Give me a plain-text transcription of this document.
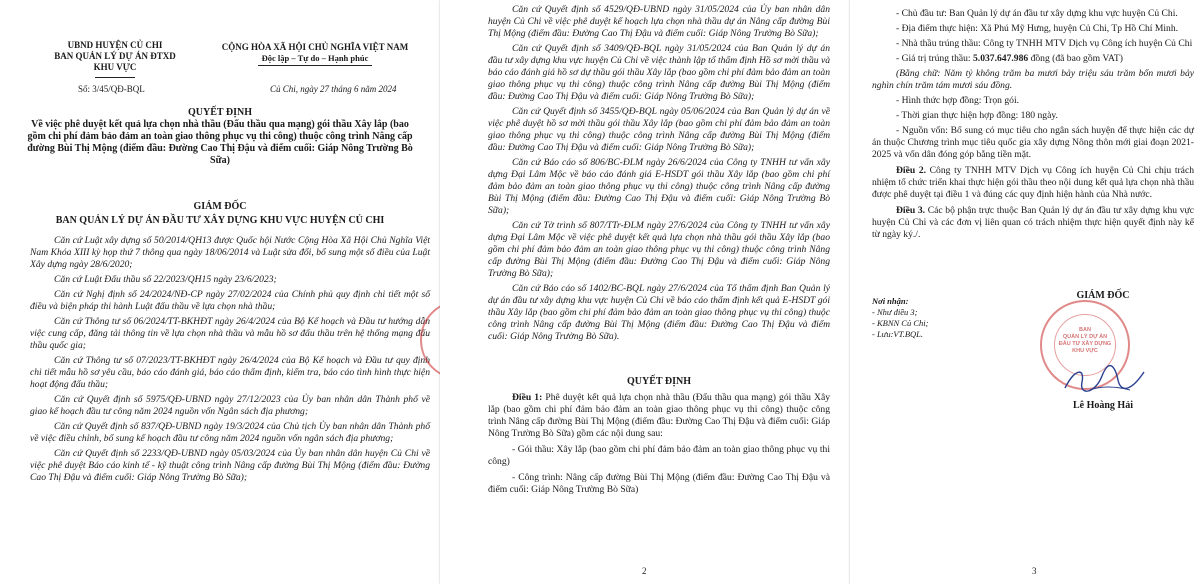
UBND HUYỆN CỦ CHI
BAN QUẢN LÝ DỰ ÁN ĐTXD
KHU VỰC
CỘNG HÒA XÃ HỘI CHỦ NGHĨA VIỆT NAM
Độc lập – Tự do – Hạnh phúc
Số: 3/45/QĐ-BQL	Củ Chi, ngày 27 tháng 6 năm 2024
QUYẾT ĐỊNH
Về việc phê duyệt kết quả lựa chọn nhà thầu (Đấu thầu qua mạng) gói thầu Xây lắp (bao gồm chi phí đảm bảo đảm an toàn giao thông phục vụ thi công) thuộc công trình Nâng cấp đường Bùi Thị Mộng (điểm đầu: Đường Cao Thị Đậu và điểm cuối: Giáp Nông Trường Bò Sữa)
GIÁM ĐỐC
BAN QUẢN LÝ DỰ ÁN ĐẦU TƯ XÂY DỰNG KHU VỰC HUYỆN CỦ CHI

Căn cứ Luật xây dựng số 50/2014/QH13 được Quốc hội Nước Cộng Hòa Xã Hội Chủ Nghĩa Việt Nam Khóa XIII kỳ họp thứ 7 thông qua ngày 18/06/2014 và Luật sửa đổi, bổ sung một số điều của Luật Xây dựng ngày 28/6/2020;

Căn cứ Luật Đấu thầu số 22/2023/QH15 ngày 23/6/2023;

Căn cứ Nghị định số 24/2024/NĐ-CP ngày 27/02/2024 của Chính phủ quy định chi tiết một số điều và biện pháp thi hành Luật đấu thầu về lựa chọn nhà thầu;

Căn cứ Thông tư số 06/2024/TT-BKHĐT ngày 26/4/2024 của Bộ Kế hoạch và Đầu tư hướng dẫn việc cung cấp, đăng tải thông tin về lựa chọn nhà thầu và mẫu hồ sơ đấu thầu trên hệ thống mạng đấu thầu quốc gia;

Căn cứ Thông tư số 07/2023/TT-BKHĐT ngày 26/4/2024 của Bộ Kế hoạch và Đầu tư quy định chi tiết mẫu hồ sơ yêu cầu, báo cáo đánh giá, báo cáo thẩm định, kiểm tra, báo cáo tình hình thực hiện hoạt động đấu thầu;

Căn cứ Quyết định số 5975/QĐ-UBND ngày 27/12/2023 của Ủy ban nhân dân Thành phố về giao kế hoạch đầu tư công năm 2024 nguồn vốn Ngân sách địa phương;

Căn cứ Quyết định số 837/QĐ-UBND ngày 19/3/2024 của Chủ tịch Ủy ban nhân dân Thành phố về việc điều chỉnh, bổ sung kế hoạch đầu tư công năm 2024 nguồn vốn ngân sách địa phương;

Căn cứ Quyết định số 2233/QĐ-UBND ngày 05/03/2024 của Ủy ban nhân dân huyện Củ Chi về việc phê duyệt Báo cáo kinh tế - kỹ thuật công trình Nâng cấp đường Bùi Thị Mộng (điểm đầu: Đường Cao Thị Đậu và điểm cuối: Giáp Nông Trường Bò Sữa);

Căn cứ Quyết định số 4529/QĐ-UBND ngày 31/05/2024 của Ủy ban nhân dân huyện Củ Chi về việc phê duyệt kế hoạch lựa chọn nhà thầu dự án Nâng cấp đường Bùi Thị Mộng (điểm đầu: Đường Cao Thị Đậu và điểm cuối: Giáp Nông Trường Bò Sữa);

Căn cứ Quyết định số 3409/QĐ-BQL ngày 31/05/2024 của Ban Quản lý dự án đầu tư xây dựng khu vực huyện Củ Chi về việc thành lập tổ thẩm định Hồ sơ mời thầu và báo cáo đánh giá hồ sơ dự thầu gói thầu Xây lắp (bao gồm chi phí đảm bảo đảm an toàn giao thông phục vụ thi công) thuộc công trình Nâng cấp đường Bùi Thị Mộng (điểm đầu: Đường Cao Thị Đậu và điểm cuối: Giáp Nông Trường Bò Sữa);

Căn cứ Quyết định số 3455/QĐ-BQL ngày 05/06/2024 của Ban Quản lý dự án về việc phê duyệt hồ sơ mời thầu gói thầu Xây lắp (bao gồm chi phí đảm bảo đảm an toàn giao thông phục vụ thi công) thuộc công trình Nâng cấp đường Bùi Thị Mộng (điểm đầu: Đường Cao Thị Đậu và điểm cuối: Giáp Nông Trường Bò Sữa);

Căn cứ Báo cáo số 806/BC-ĐLM ngày 26/6/2024 của Công ty TNHH tư vấn xây dựng Đại Lâm Mộc về báo cáo đánh giá E-HSDT gói thầu Xây lắp (bao gồm chi phí đảm bảo đảm an toàn giao thông phục vụ thi công) thuộc công trình Nâng cấp đường Bùi Thị Mộng (điểm đầu: Đường Cao Thị Đậu và điểm cuối: Giáp Nông Trường Bò Sữa);

Căn cứ Tờ trình số 807/TTr-ĐLM ngày 27/6/2024 của Công ty TNHH tư vấn xây dựng Đại Lâm Mộc về việc phê duyệt kết quả lựa chọn nhà thầu gói thầu Xây lắp (bao gồm chi phí đảm bảo đảm an toàn giao thông phục vụ thi công) thuộc công trình Nâng cấp đường Bùi Thị Mộng (điểm đầu: Đường Cao Thị Đậu và điểm cuối: Giáp Nông Trường Bò Sữa);

Căn cứ Báo cáo số 1402/BC-BQL ngày 27/6/2024 của Tổ thẩm định Ban Quản lý dự án đầu tư xây dựng khu vực huyện Củ Chi về báo cáo thẩm định kết quả E-HSDT gói thầu Xây lắp (bao gồm chi phí đảm bảo đảm an toàn giao thông phục vụ thi công) thuộc công trình Nâng cấp đường Bùi Thị Mộng (điểm đầu: Đường Cao Thị Đậu và điểm cuối: Giáp Nông Trường Bò Sữa).

QUYẾT ĐỊNH

Điều 1: Phê duyệt kết quả lựa chọn nhà thầu (Đấu thầu qua mạng) gói thầu Xây lắp (bao gồm chi phí đảm bảo đảm an toàn giao thông phục vụ thi công) thuộc công trình Nâng cấp đường Bùi Thị Mộng (điểm đầu: Đường Cao Thị Đậu và điểm cuối: Giáp Nông Trường Bò Sữa) gồm các nội dung sau:

- Gói thầu: Xây lắp (bao gồm chi phí đảm bảo đảm an toàn giao thông phục vụ thi công)

- Công trình: Nâng cấp đường Bùi Thị Mộng (điểm đầu: Đường Cao Thị Đậu và điểm cuối: Giáp Nông Trường Bò Sữa)

2

- Chủ đầu tư: Ban Quản lý dự án đầu tư xây dựng khu vực huyện Củ Chi.

- Địa điểm thực hiện: Xã Phú Mỹ Hưng, huyện Củ Chi, Tp Hồ Chí Minh.

- Nhà thầu trúng thầu: Công ty TNHH MTV Dịch vụ Công ích huyện Củ Chi

- Giá trị trúng thầu: 5.037.647.986 đồng (đã bao gồm VAT)

(Bằng chữ: Năm tỷ không trăm ba mươi bảy triệu sáu trăm bốn mươi bảy nghìn chín trăm tám mươi sáu đồng.

- Hình thức hợp đồng: Trọn gói.

- Thời gian thực hiện hợp đồng: 180 ngày.

- Nguồn vốn: Bổ sung có mục tiêu cho ngân sách huyện để thực hiện các dự án thuộc Chương trình mục tiêu quốc gia xây dựng Nông thôn mới giai đoạn 2021-2025 và vốn dân đóng góp bằng tiền mặt.

Điều 2. Công ty TNHH MTV Dịch vụ Công ích huyện Củ Chi chịu trách nhiệm tổ chức triển khai thực hiện gói thầu theo nội dung kết quả lựa chọn nhà thầu được phê duyệt tại điều 1 và đúng các quy định hiện hành của Nhà nước.

Điều 3. Các bộ phận trực thuộc Ban Quản lý dự án đầu tư xây dựng khu vực huyện Củ Chi và các đơn vị liên quan có trách nhiệm thực hiện quyết định này kể từ ngày ký./.

Nơi nhận:
- Như điều 3;
- KBNN Củ Chi;
- Lưu:VT.BQL.
GIÁM ĐỐC
BAN
QUẢN LÝ DỰ ÁN
ĐẦU TƯ XÂY DỰNG
KHU VỰC
Lê Hoàng Hải
3
